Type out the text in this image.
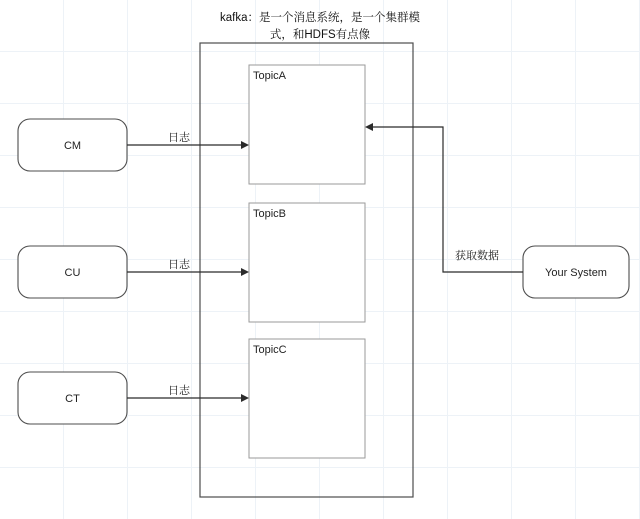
kafka：是一个消息系统，是一个集群模
式，和HDFS有点像
CM
CU
CT
日志
日志
日志
TopicA
TopicB
TopicC
Your System
获取数据
